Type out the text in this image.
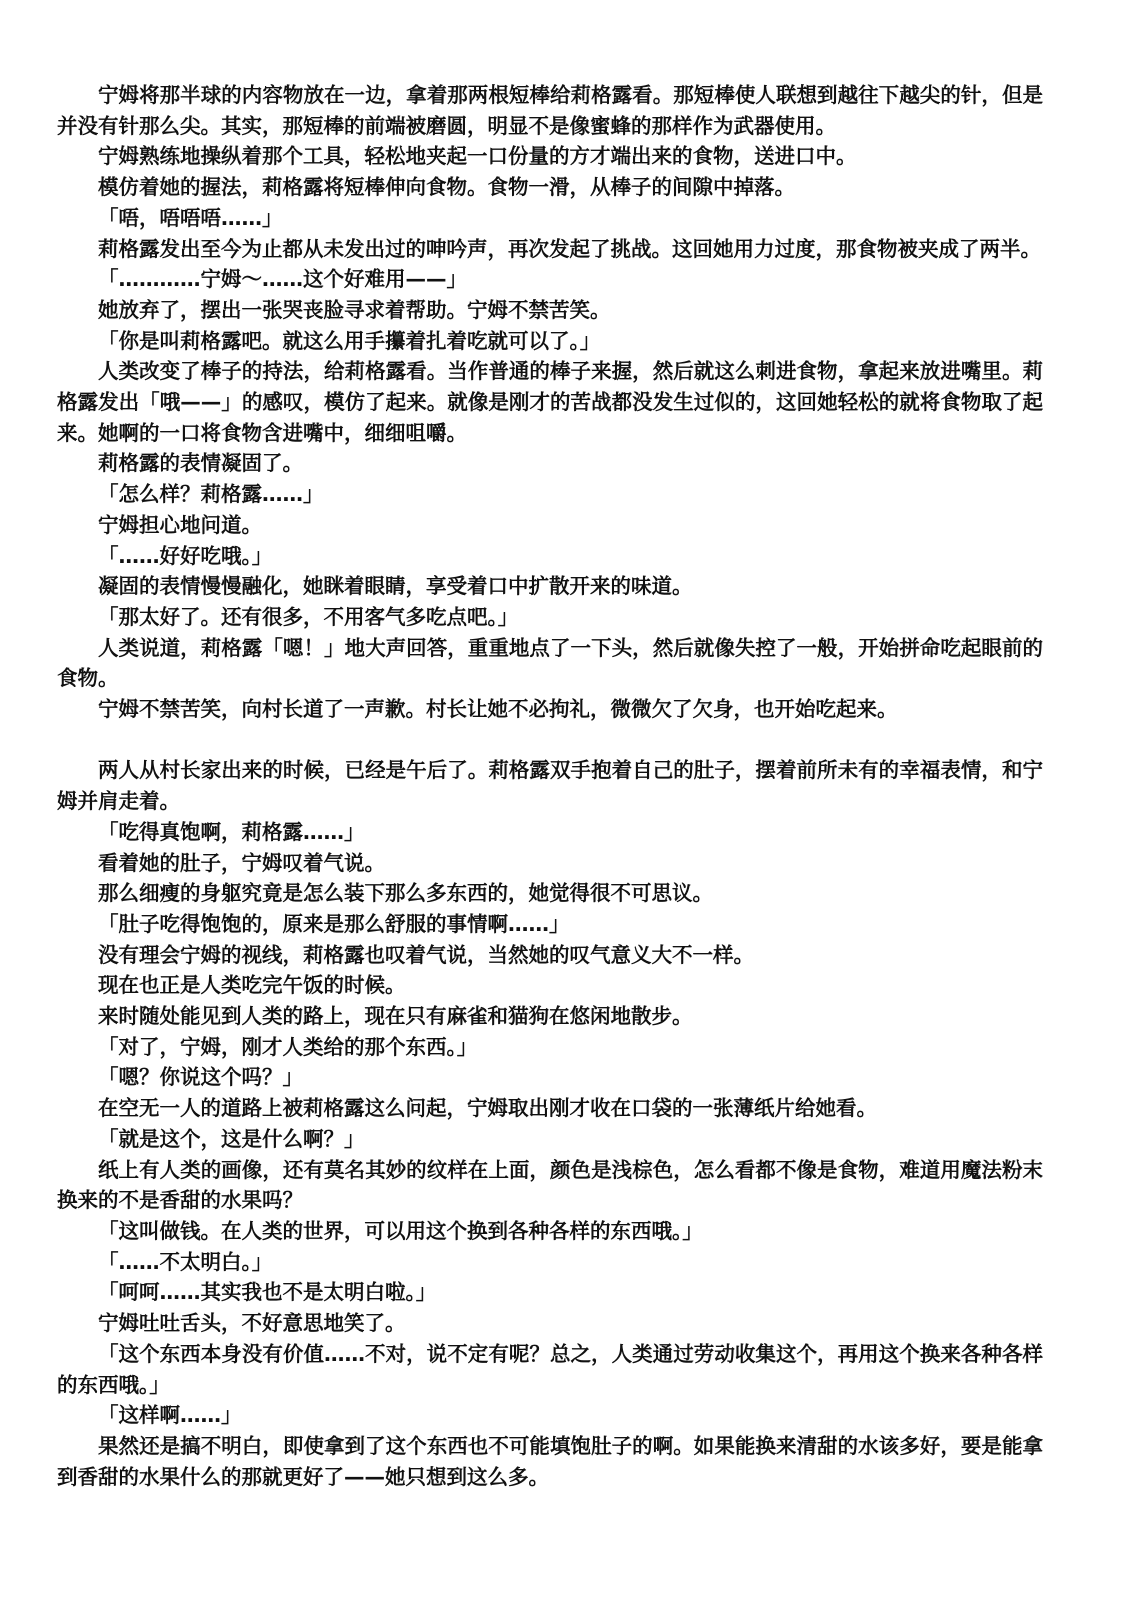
宁姆将那半球的内容物放在一边，拿着那两根短棒给莉格露看。那短棒使人联想到越往下越尖的针，但是并没有针那么尖。其实，那短棒的前端被磨圆，明显不是像蜜蜂的那样作为武器使用。

宁姆熟练地操纵着那个工具，轻松地夹起一口份量的方才端出来的食物，送进口中。

模仿着她的握法，莉格露将短棒伸向食物。食物一滑，从棒子的间隙中掉落。

「唔，唔唔唔……」

莉格露发出至今为止都从未发出过的呻吟声，再次发起了挑战。这回她用力过度，那食物被夹成了两半。

「…………宁姆～……这个好难用——」

她放弃了，摆出一张哭丧脸寻求着帮助。宁姆不禁苦笑。

「你是叫莉格露吧。就这么用手攥着扎着吃就可以了。」

人类改变了棒子的持法，给莉格露看。当作普通的棒子来握，然后就这么刺进食物，拿起来放进嘴里。莉格露发出「哦——」的感叹，模仿了起来。就像是刚才的苦战都没发生过似的，这回她轻松的就将食物取了起来。她啊的一口将食物含进嘴中，细细咀嚼。

莉格露的表情凝固了。

「怎么样？莉格露……」

宁姆担心地问道。

「……好好吃哦。」

凝固的表情慢慢融化，她眯着眼睛，享受着口中扩散开来的味道。

「那太好了。还有很多，不用客气多吃点吧。」

人类说道，莉格露「嗯！」地大声回答，重重地点了一下头，然后就像失控了一般，开始拼命吃起眼前的食物。

宁姆不禁苦笑，向村长道了一声歉。村长让她不必拘礼，微微欠了欠身，也开始吃起来。

两人从村长家出来的时候，已经是午后了。莉格露双手抱着自己的肚子，摆着前所未有的幸福表情，和宁姆并肩走着。

「吃得真饱啊，莉格露……」

看着她的肚子，宁姆叹着气说。

那么细瘦的身躯究竟是怎么装下那么多东西的，她觉得很不可思议。

「肚子吃得饱饱的，原来是那么舒服的事情啊……」

没有理会宁姆的视线，莉格露也叹着气说，当然她的叹气意义大不一样。

现在也正是人类吃完午饭的时候。

来时随处能见到人类的路上，现在只有麻雀和猫狗在悠闲地散步。

「对了，宁姆，刚才人类给的那个东西。」

「嗯？你说这个吗？」

在空无一人的道路上被莉格露这么问起，宁姆取出刚才收在口袋的一张薄纸片给她看。

「就是这个，这是什么啊？」

纸上有人类的画像，还有莫名其妙的纹样在上面，颜色是浅棕色，怎么看都不像是食物，难道用魔法粉末换来的不是香甜的水果吗？

「这叫做钱。在人类的世界，可以用这个换到各种各样的东西哦。」

「……不太明白。」

「呵呵……其实我也不是太明白啦。」

宁姆吐吐舌头，不好意思地笑了。

「这个东西本身没有价值……不对，说不定有呢？总之，人类通过劳动收集这个，再用这个换来各种各样的东西哦。」

「这样啊……」

果然还是搞不明白，即使拿到了这个东西也不可能填饱肚子的啊。如果能换来清甜的水该多好，要是能拿到香甜的水果什么的那就更好了——她只想到这么多。
